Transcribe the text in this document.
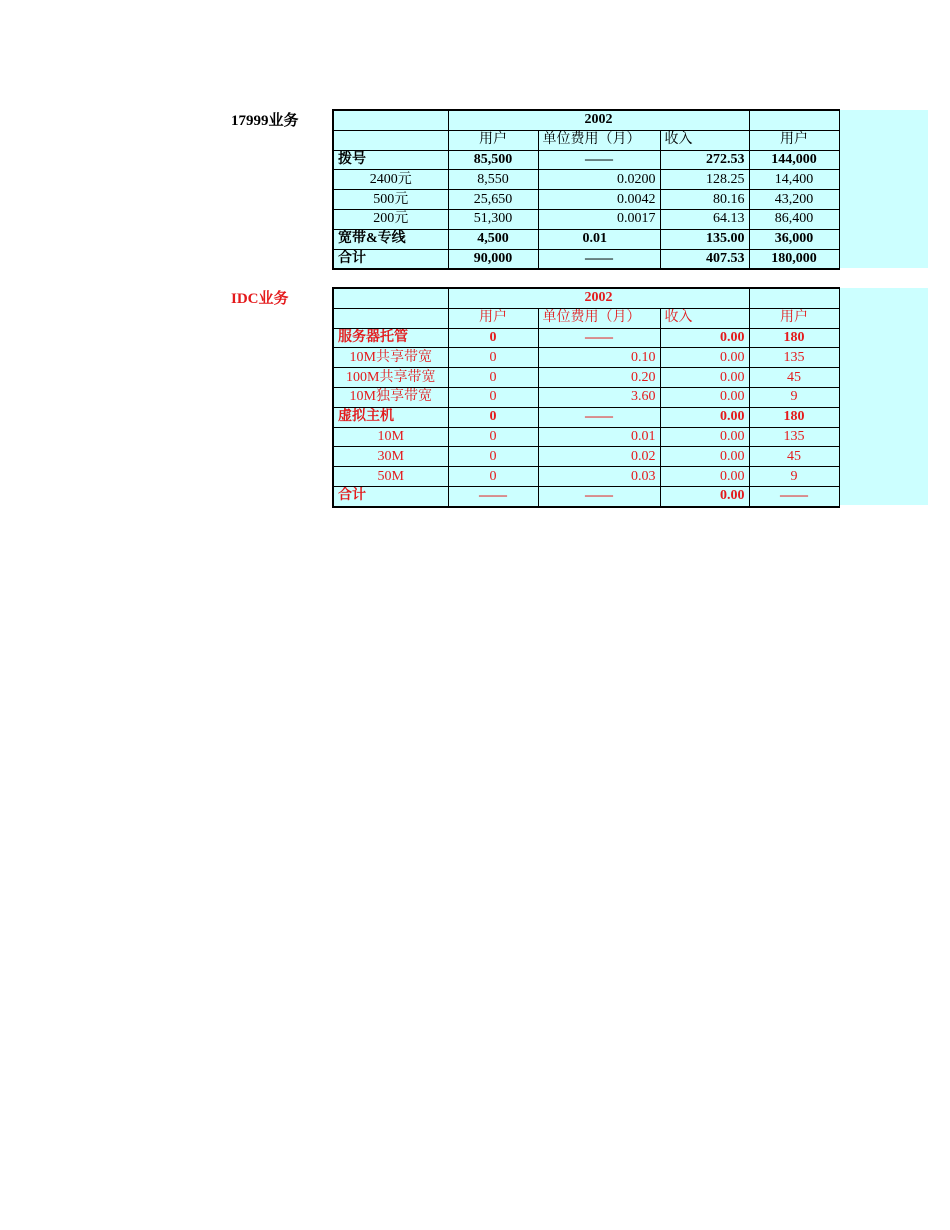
17999业务
		2002			
	用户	单位费用（月）	收入	用户
拨号	85,500	——	272.53	144,000
2400元	8,550	0.0200	128.25	14,400
500元	25,650	0.0042	80.16	43,200
200元	51,300	0.0017	64.13	86,400
宽带&专线	4,500	0.01	135.00	36,000
合计	90,000	——	407.53	180,000
IDC业务
		2002			
	用户	单位费用（月）	收入	用户
服务器托管	0	——	0.00	180
10M共享带宽	0	0.10	0.00	135
100M共享带宽	0	0.20	0.00	45
10M独享带宽	0	3.60	0.00	9
虚拟主机	0	——	0.00	180
10M	0	0.01	0.00	135
30M	0	0.02	0.00	45
50M	0	0.03	0.00	9
合计	——	——	0.00	——
